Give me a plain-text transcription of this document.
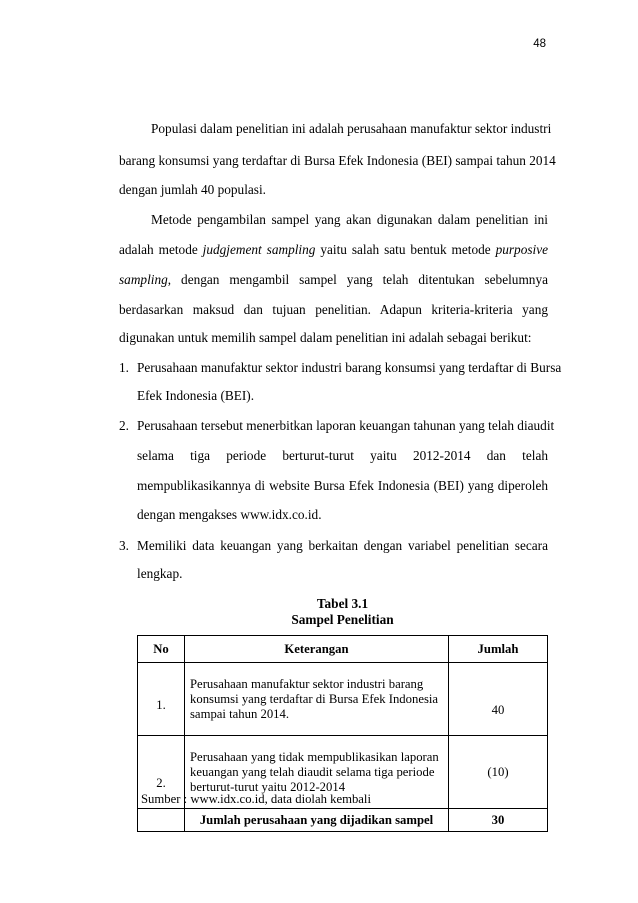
48
Populasi dalam penelitian ini adalah perusahaan manufaktur sektor industri
barang konsumsi yang terdaftar di Bursa Efek Indonesia (BEI) sampai tahun 2014
dengan jumlah 40 populasi.
Metode pengambilan sampel yang akan digunakan dalam penelitian ini
adalah metode judgjement sampling yaitu salah satu bentuk metode purposive
sampling, dengan mengambil sampel yang telah ditentukan sebelumnya
berdasarkan maksud dan tujuan penelitian. Adapun kriteria-kriteria yang
digunakan untuk memilih sampel dalam penelitian ini adalah sebagai berikut:
1. Perusahaan manufaktur sektor industri barang konsumsi yang terdaftar di Bursa
Efek Indonesia (BEI).
2. Perusahaan tersebut menerbitkan laporan keuangan tahunan yang telah diaudit
selama tiga periode berturut-turut yaitu 2012-2014 dan telah
mempublikasikannya di website Bursa Efek Indonesia (BEI) yang diperoleh
dengan mengakses www.idx.co.id.
3. Memiliki data keuangan yang berkaitan dengan variabel penelitian secara
lengkap.
Tabel 3.1
Sampel Penelitian
No	Keterangan	Jumlah
1.	Perusahaan manufaktur sektor industri barang
konsumsi yang terdaftar di Bursa Efek Indonesia
sampai tahun 2014.	40
2.	Perusahaan yang tidak mempublikasikan laporan
keuangan yang telah diaudit selama tiga periode
berturut-turut yaitu 2012-2014	(10)
	Jumlah perusahaan yang dijadikan sampel	30
Sumber : www.idx.co.id, data diolah kembali
